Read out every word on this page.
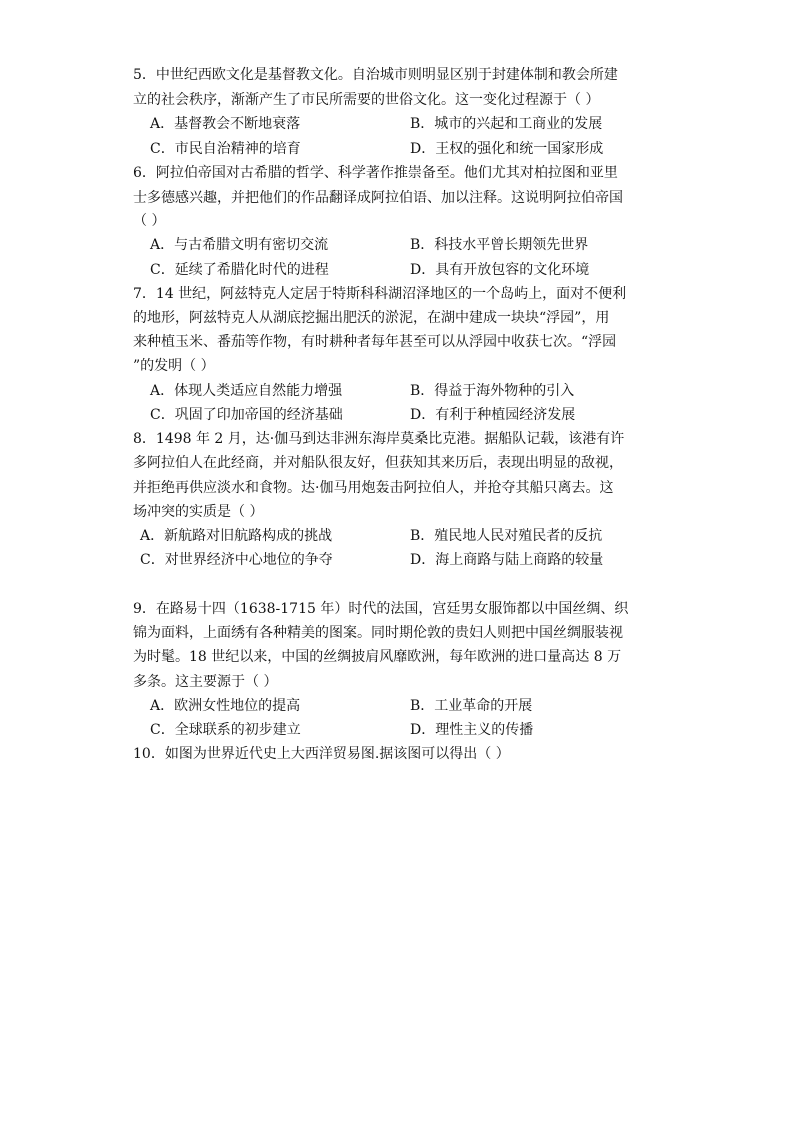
5．中世纪西欧文化是基督教文化。自治城市则明显区别于封建体制和教会所建
立的社会秩序，渐渐产生了市民所需要的世俗文化。这一变化过程源于（ ）
A．基督教会不断地衰落	B．城市的兴起和工商业的发展
C．市民自治精神的培育	D．王权的强化和统一国家形成
6．阿拉伯帝国对古希腊的哲学、科学著作推崇备至。他们尤其对柏拉图和亚里
士多德感兴趣，并把他们的作品翻译成阿拉伯语、加以注释。这说明阿拉伯帝国
（ ）
A．与古希腊文明有密切交流	B．科技水平曾长期领先世界
C．延续了希腊化时代的进程	D．具有开放包容的文化环境
7．14 世纪，阿兹特克人定居于特斯科科湖沼泽地区的一个岛屿上，面对不便利
的地形，阿兹特克人从湖底挖掘出肥沃的淤泥，在湖中建成一块块“浮园”，用
来种植玉米、番茄等作物，有时耕种者每年甚至可以从浮园中收获七次。“浮园
”的发明（ ）
A．体现人类适应自然能力增强	B．得益于海外物种的引入
C．巩固了印加帝国的经济基础	D．有利于种植园经济发展
8．1498 年 2 月，达·伽马到达非洲东海岸莫桑比克港。据船队记载，该港有许
多阿拉伯人在此经商，并对船队很友好，但获知其来历后，表现出明显的敌视，
并拒绝再供应淡水和食物。达·伽马用炮轰击阿拉伯人，并抢夺其船只离去。这
场冲突的实质是（ ）
A．新航路对旧航路构成的挑战	B．殖民地人民对殖民者的反抗
C．对世界经济中心地位的争夺	D．海上商路与陆上商路的较量
9．在路易十四（1638-1715 年）时代的法国，宫廷男女服饰都以中国丝绸、织
锦为面料，上面绣有各种精美的图案。同时期伦敦的贵妇人则把中国丝绸服装视
为时髦。18 世纪以来，中国的丝绸披肩风靡欧洲，每年欧洲的进口量高达 8 万
多条。这主要源于（ ）
A．欧洲女性地位的提高	B．工业革命的开展
C．全球联系的初步建立	D．理性主义的传播
10．如图为世界近代史上大西洋贸易图.据该图可以得出（ ）
